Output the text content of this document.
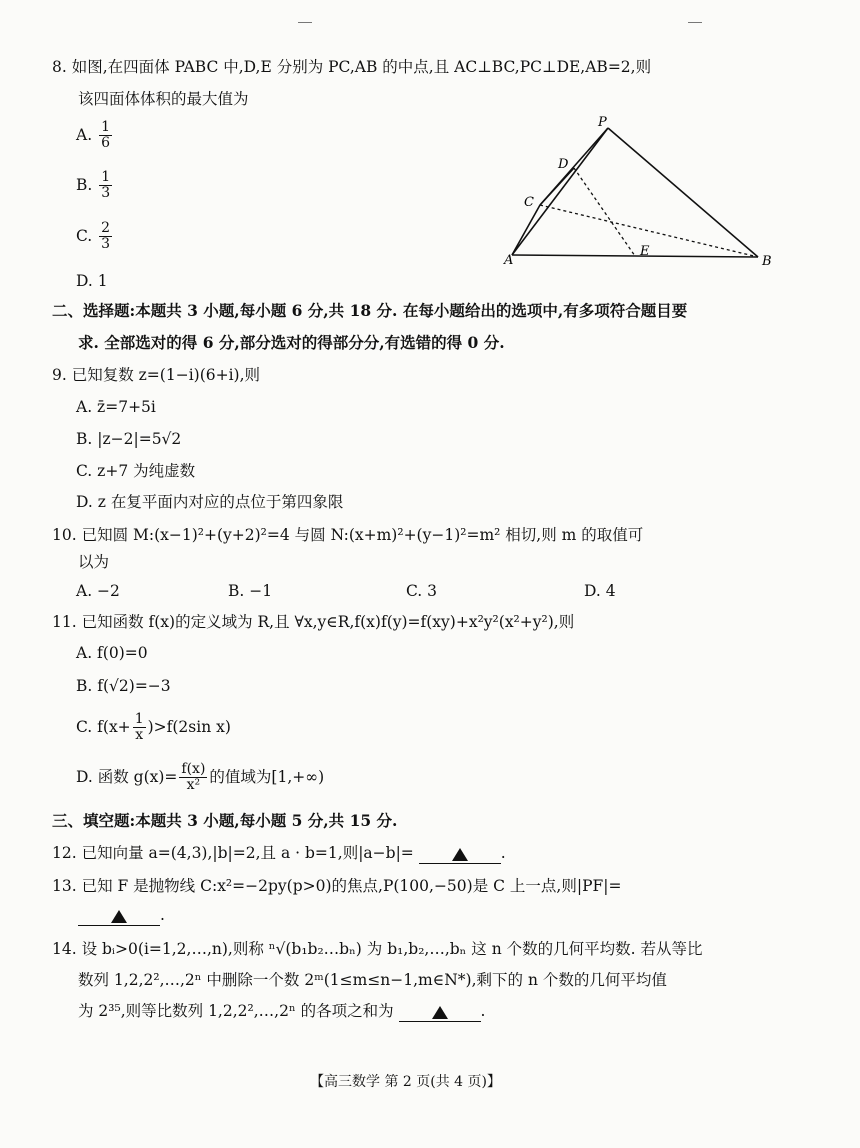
8. 如图,在四面体 PABC 中,D,E 分别为 PC,AB 的中点,且 AC⊥BC,PC⊥DE,AB=2,则
该四面体体积的最大值为
A. $\frac{1}{6}$
B. $\frac{1}{3}$
C. $\frac{2}{3}$
D. 1
P
D
C
A
E
B
二、选择题:本题共 3 小题,每小题 6 分,共 18 分. 在每小题给出的选项中,有多项符合题目要
求. 全部选对的得 6 分,部分选对的得部分分,有选错的得 0 分.
9. 已知复数 z=(1−i)(6+i),则
A. z̄=7+5i
B. |z−2|=5√2
C. z+7 为纯虚数
D. z 在复平面内对应的点位于第四象限
10. 已知圆 M:(x−1)²+(y+2)²=4 与圆 N:(x+m)²+(y−1)²=m² 相切,则 m 的取值可
以为
A. −2	B. −1	C. 3	D. 4
11. 已知函数 f(x)的定义域为 R,且 ∀x,y∈R,f(x)f(y)=f(xy)+x²y²(x²+y²),则
A. f(0)=0
B. f(√2)=−3
C. $f(x+ \frac{1}{x} )>f(2\sin$ x)
D. 函数 $g(x)= \frac{f(x)}{\text{x²}}$ 的值域为[1,+∞)
三、填空题:本题共 3 小题,每小题 5 分,共 15 分.
12. 已知向量 a=(4,3),|b|=2,且 a · b=1,则|a−b|=	.
13. 已知 F 是抛物线 C:x²=−2py(p>0)的焦点,P(100,−50)是 C 上一点,则|PF|=
.
14. 设 bᵢ>0(i=1,2,…,n),则称 ⁿ√(b₁b₂…bₙ) 为 b₁,b₂,…,bₙ 这 n 个数的几何平均数. 若从等比
数列 1,2,2²,…,2ⁿ 中删除一个数 2ᵐ(1≤m≤n−1,m∈N*),剩下的 n 个数的几何平均值
为 2³⁵,则等比数列 1,2,2²,…,2ⁿ 的各项之和为	.
【高三数学 第 2 页(共 4 页)】
